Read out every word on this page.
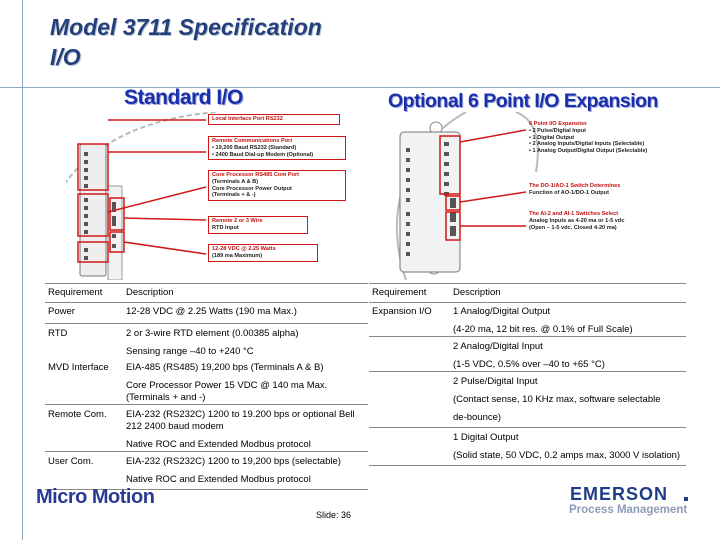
Model 3711 Specification
I/O
Standard I/O	Optional 6 Point I/O Expansion
Local Interface Port RS232
Remote Communications Port
• 19,200 Baud RS232 (Standard)
• 2400 Baud Dial-up Modem (Optional)
Core Processor RS485 Com Port
(Terminals A & B)
Core Processor Power Output
(Terminals + & -)
Remote 2 or 3 Wire
RTD Input
12-28 VDC @ 2.25 Watts
(189 ma Maximum)
6 Point I/O Expansion
• 2 Pulse/Digital Input
• 1 Digital Output
• 2 Analog Inputs/Digital Inputs (Selectable)
• 1 Analog Output/Digital Output (Selectable)
The DO-1/AO-1 Switch Determines
Function of AO-1/DO-1 Output
The AI-2 and AI-1 Switches Select
Analog Inputs as 4-20 ma or 1-5 vdc
(Open – 1-5 vdc. Closed 4-20 ma)
Requirement	Description
Power	12-28 VDC @ 2.25 Watts (190 ma Max.)
RTD	2 or 3-wire RTD element (0.00385 alpha)
	Sensing range –40 to +240 °C
MVD Interface	EIA-485 (RS485) 19,200 bps (Terminals A & B)
	Core Processor Power 15 VDC @ 140 ma Max. (Terminals + and -)
Remote Com.	EIA-232 (RS232C) 1200 to 19.200 bps or optional Bell 212 2400 baud modem
	Native ROC and Extended Modbus protocol
User Com.	EIA-232 (RS232C) 1200 to 19,200 bps (selectable)
	Native ROC and Extended Modbus protocol
Requirement	Description
Expansion I/O	1 Analog/Digital Output
	(4-20 ma, 12 bit res. @ 0.1% of Full Scale)
	2 Analog/Digital Input
	(1-5 VDC, 0.5% over –40 to +65 °C)
	2 Pulse/Digital Input
	(Contact sense, 10 KHz max, software selectable
	de-bounce)
	1 Digital Output
	(Solid state, 50 VDC, 0.2 amps max, 3000 V isolation)
Micro Motion	EMERSON
Process Management
Slide: 36
